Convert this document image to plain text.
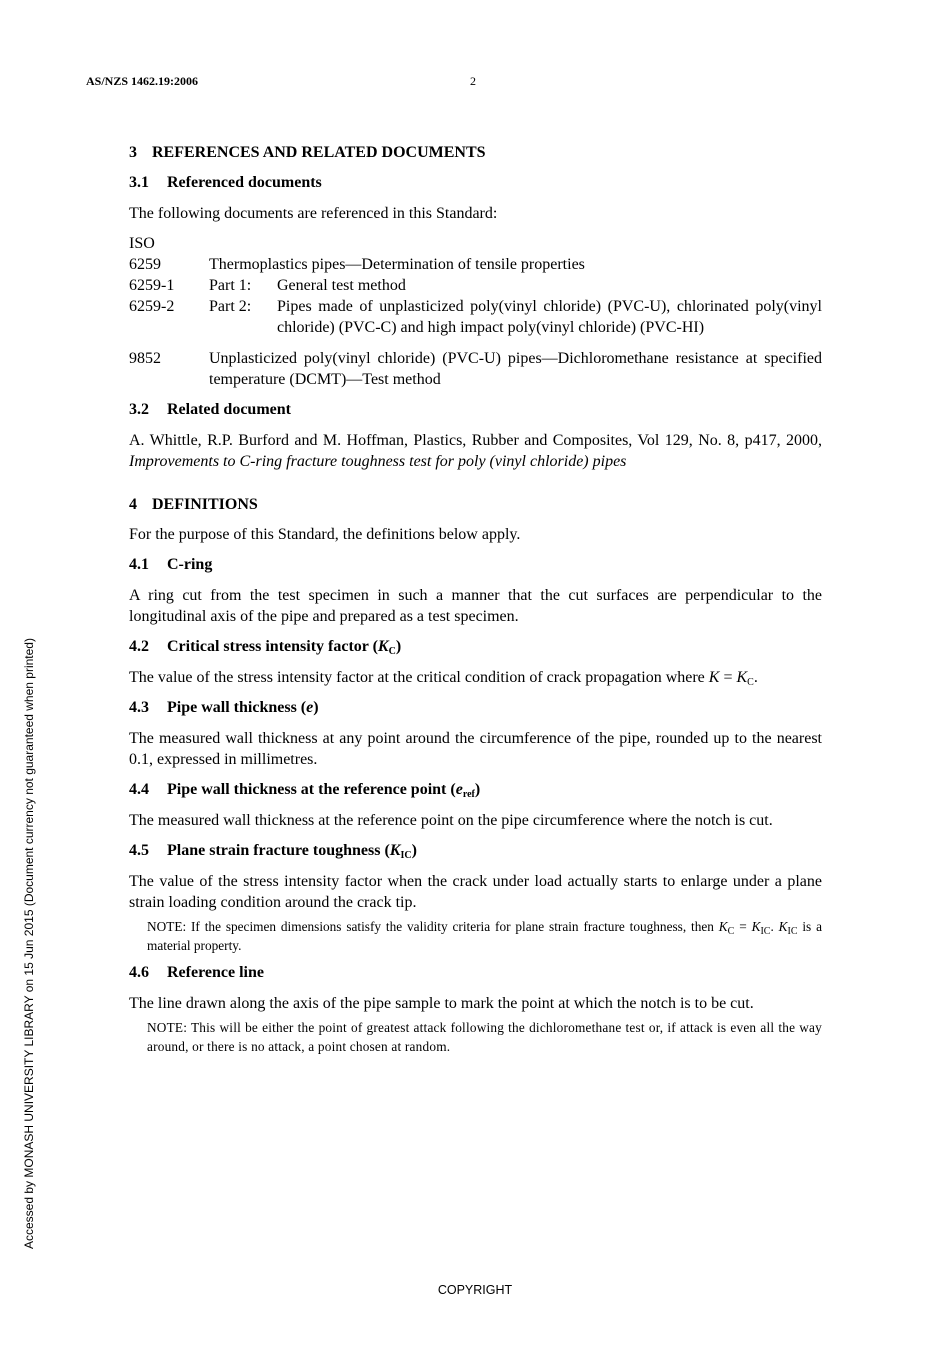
AS/NZS 1462.19:2006	2
Accessed by MONASH UNIVERSITY LIBRARY on 15 Jun 2015 (Document currency not guaranteed when printed)
3 REFERENCES AND RELATED DOCUMENTS
3.1 Referenced documents

The following documents are referenced in this Standard:

ISO

6259	Thermoplastics pipes—Determination of tensile properties
6259-1	Part 1:	General test method
6259-2	Part 2:	Pipes made of unplasticized poly(vinyl chloride) (PVC-U), chlorinated poly(vinyl chloride) (PVC-C) and high impact poly(vinyl chloride) (PVC-HI)
9852	Unplasticized poly(vinyl chloride) (PVC-U) pipes—Dichloromethane resistance at specified temperature (DCMT)—Test method
3.2 Related document

A. Whittle, R.P. Burford and M. Hoffman, Plastics, Rubber and Composites, Vol 129, No. 8, p417, 2000, Improvements to C-ring fracture toughness test for poly (vinyl chloride) pipes

4 DEFINITIONS

For the purpose of this Standard, the definitions below apply.

4.1 C-ring

A ring cut from the test specimen in such a manner that the cut surfaces are perpendicular to the longitudinal axis of the pipe and prepared as a test specimen.

4.2 Critical stress intensity factor $(K_C)$

The value of the stress intensity factor at the critical condition of crack propagation where $K = K_C$.

4.3 Pipe wall thickness (e)

The measured wall thickness at any point around the circumference of the pipe, rounded up to the nearest 0.1, expressed in millimetres.

4.4 Pipe wall thickness at the reference point $(e_{ref})$

The measured wall thickness at the reference point on the pipe circumference where the notch is cut.

4.5 Plane strain fracture toughness $(K_{IC})$

The value of the stress intensity factor when the crack under load actually starts to enlarge under a plane strain loading condition around the crack tip.

NOTE: If the specimen dimensions satisfy the validity criteria for plane strain fracture toughness, then $K_C = K_{IC}$. $K_{IC}$ is a material property.

4.6 Reference line

The line drawn along the axis of the pipe sample to mark the point at which the notch is to be cut.

NOTE: This will be either the point of greatest attack following the dichloromethane test or, if attack is even all the way around, or there is no attack, a point chosen at random.

COPYRIGHT
